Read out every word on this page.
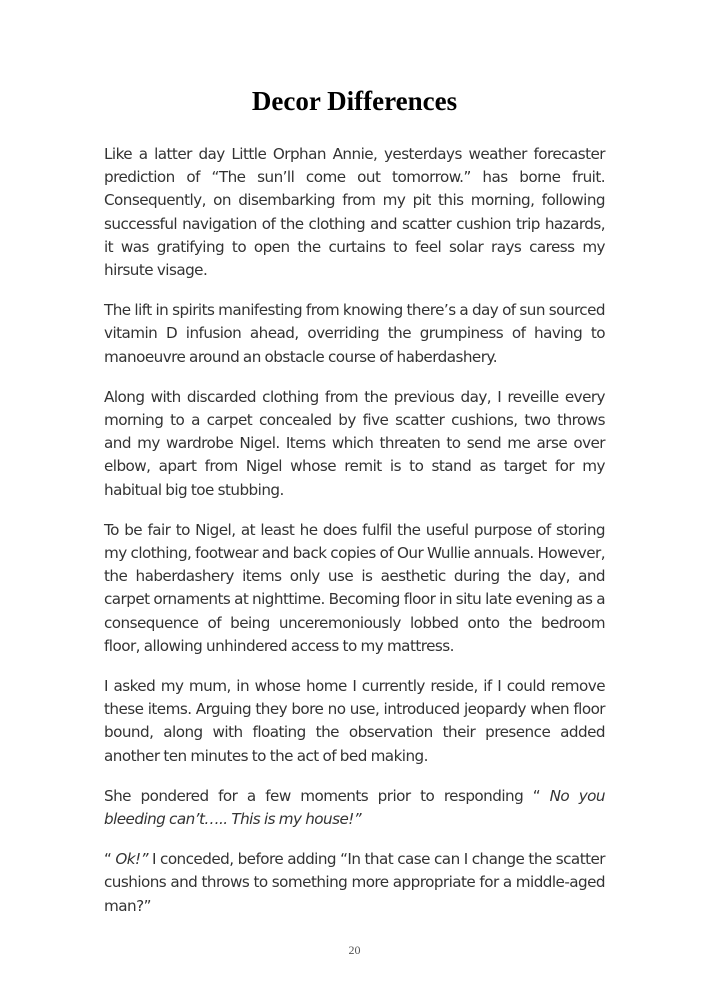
Decor Differences

Like a latter day Little Orphan Annie, yesterdays weather forecaster prediction of “The sun’ll come out tomorrow.” has borne fruit. Consequently, on disembarking from my pit this morning, following successful navigation of the clothing and scatter cushion trip hazards, it was gratifying to open the curtains to feel solar rays caress my hirsute visage.

The lift in spirits manifesting from knowing there’s a day of sun sourced vitamin D infusion ahead, overriding the grumpiness of having to manoeuvre around an obstacle course of haberdashery.

Along with discarded clothing from the previous day, I reveille every morning to a carpet concealed by five scatter cushions, two throws and my wardrobe Nigel. Items which threaten to send me arse over elbow, apart from Nigel whose remit is to stand as target for my habitual big toe stubbing.

To be fair to Nigel, at least he does fulfil the useful purpose of storing my clothing, footwear and back copies of Our Wullie annuals. However, the haberdashery items only use is aesthetic during the day, and carpet ornaments at nighttime. Becoming floor in situ late evening as a consequence of being unceremoniously lobbed onto the bedroom floor, allowing unhindered access to my mattress.

I asked my mum, in whose home I currently reside, if I could remove these items. Arguing they bore no use, introduced jeopardy when floor bound, along with floating the observation their presence added another ten minutes to the act of bed making.

She pondered for a few moments prior to responding “ No you bleeding can’t….. This is my house!”

“ Ok!” I conceded, before adding “In that case can I change the scatter cushions and throws to something more appropriate for a middle-aged man?”

20
